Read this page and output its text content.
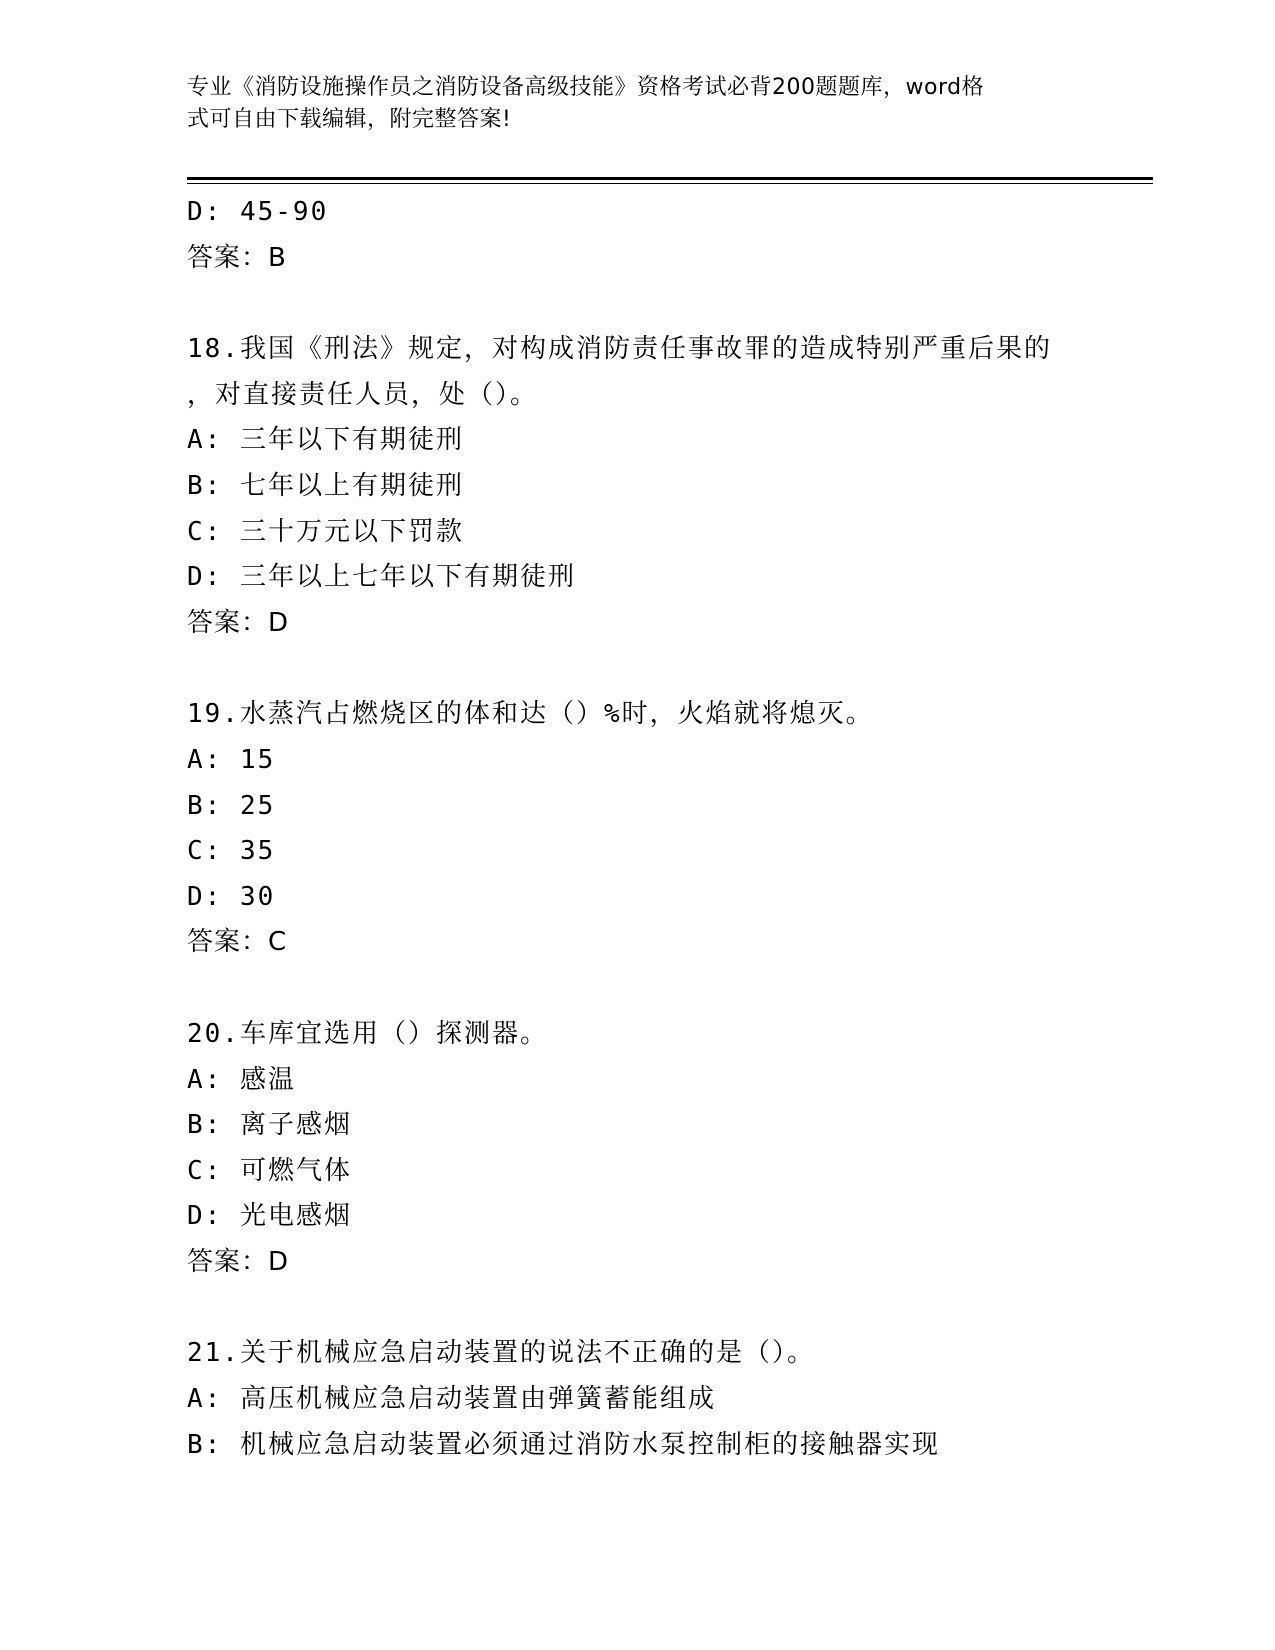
专业《消防设施操作员之消防设备高级技能》资格考试必背200题题库，word格
式可自由下载编辑，附完整答案!
D: 45-90
答案：B
18.我国《刑法》规定，对构成消防责任事故罪的造成特别严重后果的
，对直接责任人员，处（）。
A: 三年以下有期徒刑
B: 七年以上有期徒刑
C: 三十万元以下罚款
D: 三年以上七年以下有期徒刑
答案：D
19.水蒸汽占燃烧区的体和达（）%时，火焰就将熄灭。
A: 15
B: 25
C: 35
D: 30
答案：C
20.车库宜选用（）探测器。
A: 感温
B: 离子感烟
C: 可燃气体
D: 光电感烟
答案：D
21.关于机械应急启动装置的说法不正确的是（）。
A: 高压机械应急启动装置由弹簧蓄能组成
B: 机械应急启动装置必须通过消防水泵控制柜的接触器实现
